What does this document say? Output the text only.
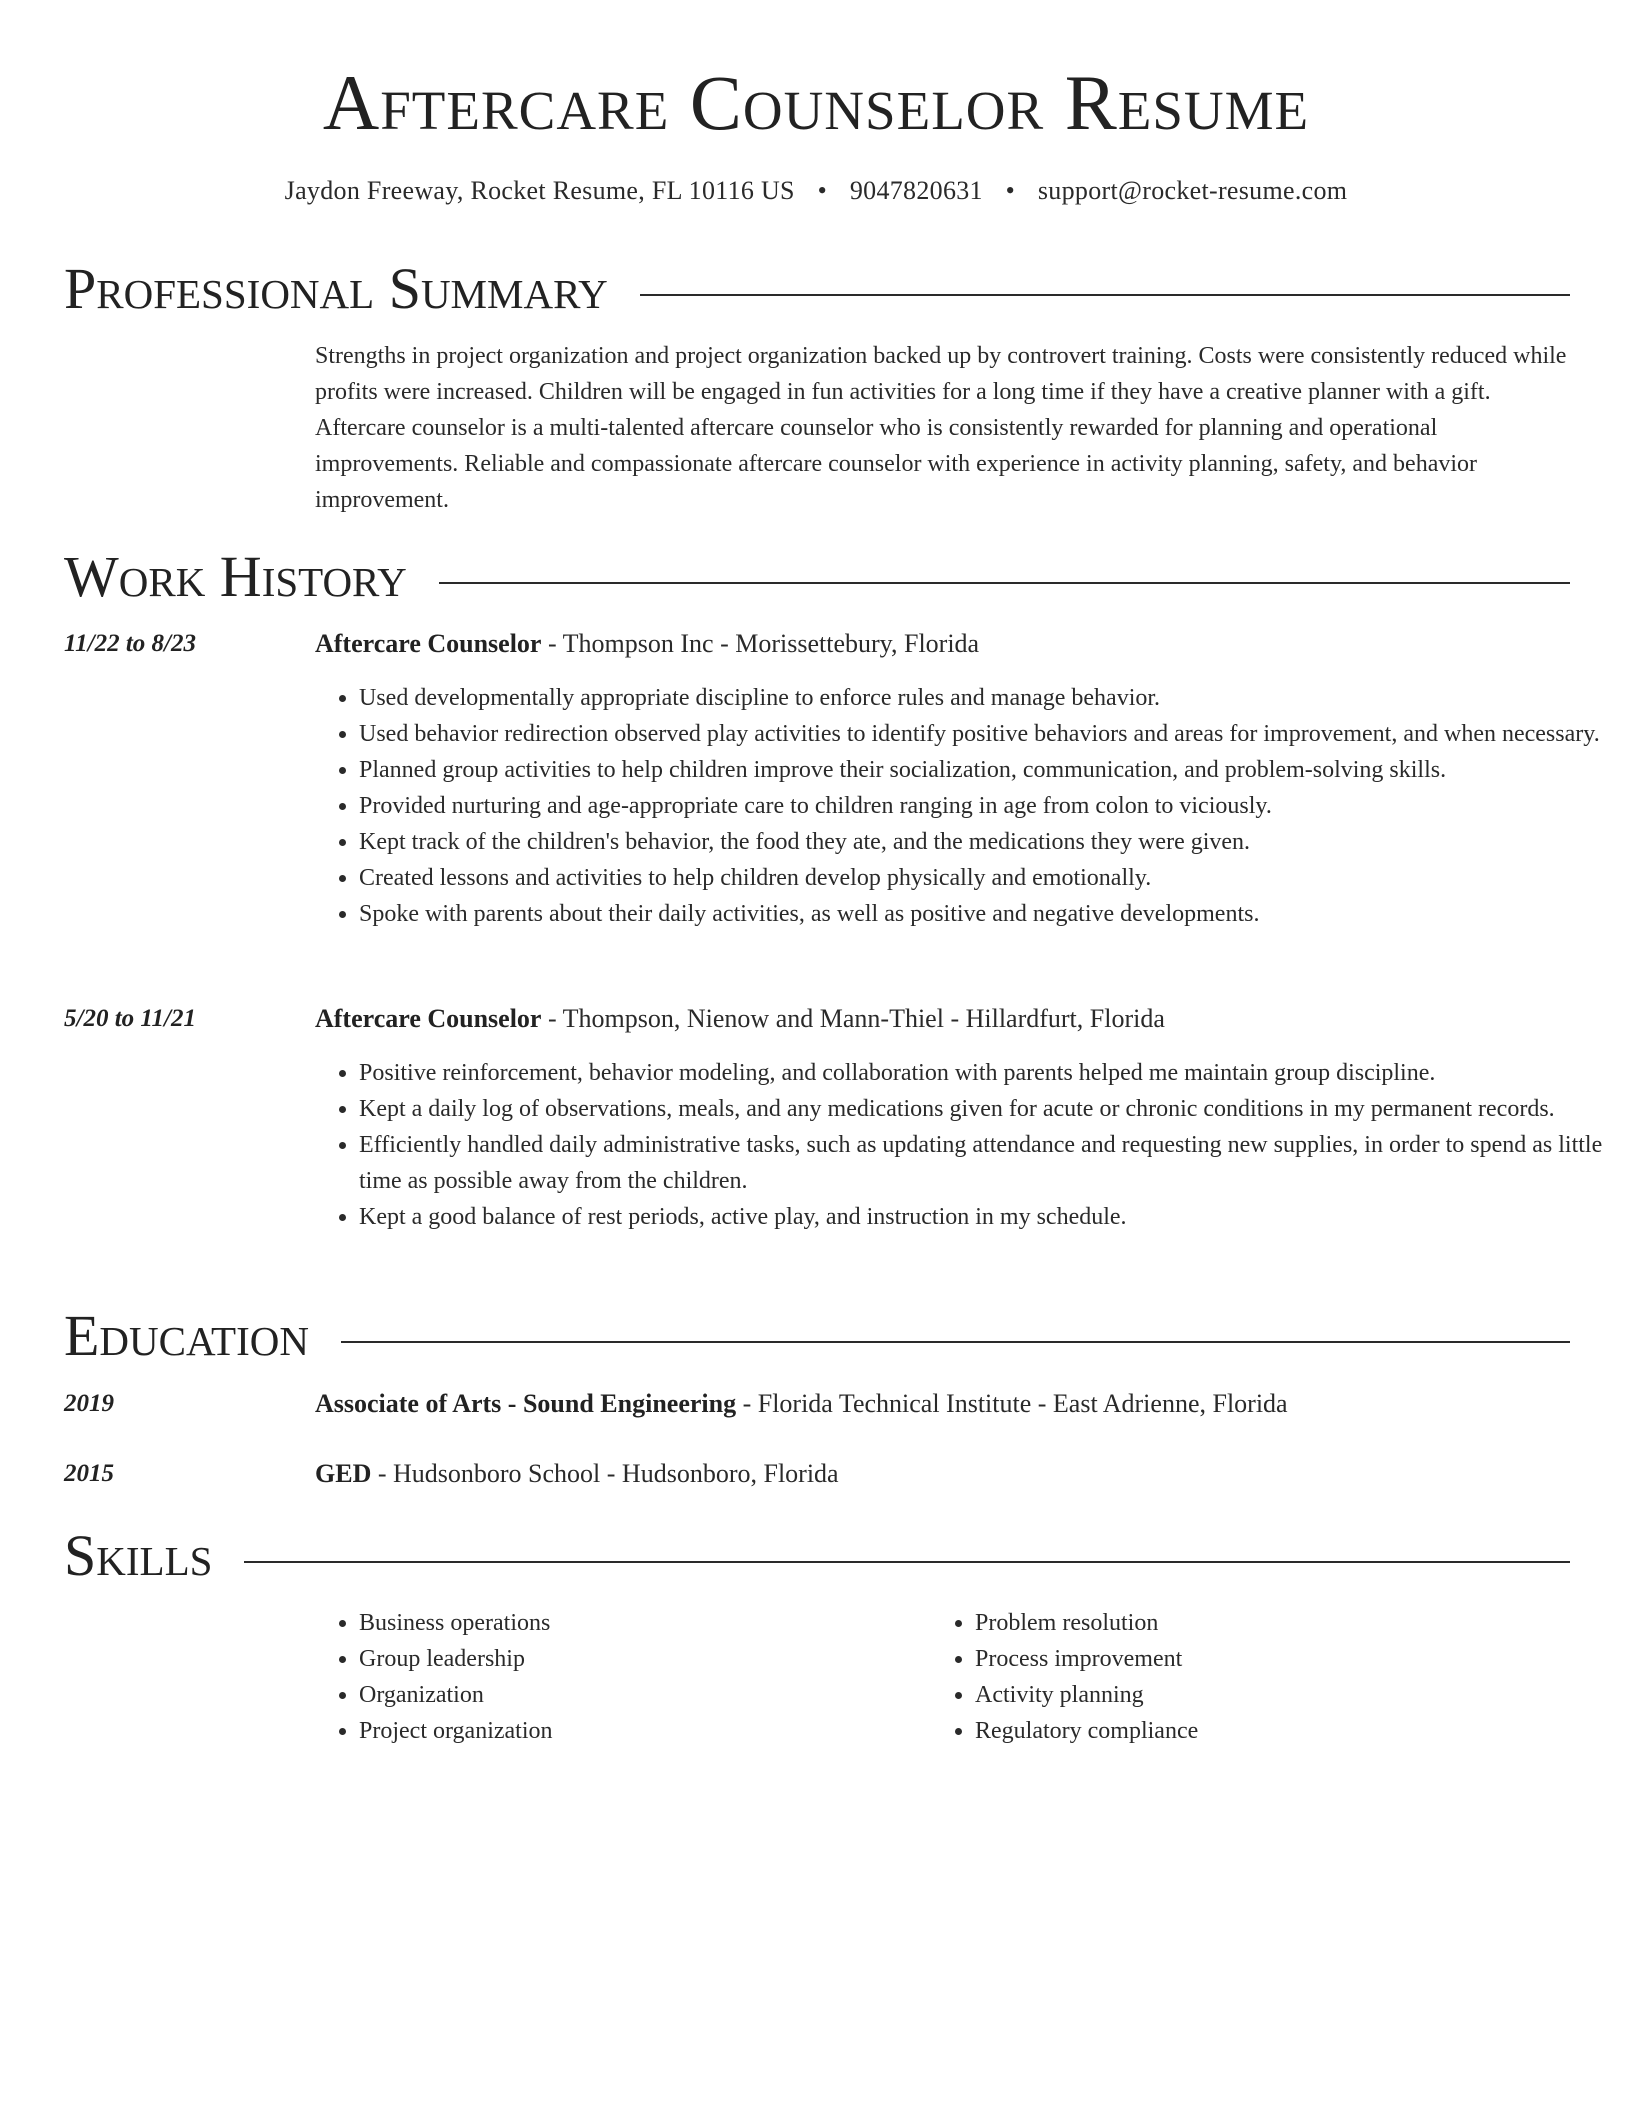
Aftercare Counselor Resume
Jaydon Freeway, Rocket Resume, FL 10116 US • 9047820631 • support@rocket-resume.com
Professional Summary

Strengths in project organization and project organization backed up by controvert training. Costs were consistently reduced while profits were increased. Children will be engaged in fun activities for a long time if they have a creative planner with a gift. Aftercare counselor is a multi-talented aftercare counselor who is consistently rewarded for planning and operational improvements. Reliable and compassionate aftercare counselor with experience in activity planning, safety, and behavior improvement.

Work History
11/22 to 8/23	Aftercare Counselor - Thompson Inc - Morissettebury, Florida
• Used developmentally appropriate discipline to enforce rules and manage behavior.
• Used behavior redirection observed play activities to identify positive behaviors and areas for improvement, and when necessary.
• Planned group activities to help children improve their socialization, communication, and problem-solving skills.
• Provided nurturing and age-appropriate care to children ranging in age from colon to viciously.
• Kept track of the children's behavior, the food they ate, and the medications they were given.
• Created lessons and activities to help children develop physically and emotionally.
• Spoke with parents about their daily activities, as well as positive and negative developments.
5/20 to 11/21	Aftercare Counselor - Thompson, Nienow and Mann-Thiel - Hillardfurt, Florida
• Positive reinforcement, behavior modeling, and collaboration with parents helped me maintain group discipline.
• Kept a daily log of observations, meals, and any medications given for acute or chronic conditions in my permanent records.
• Efficiently handled daily administrative tasks, such as updating attendance and requesting new supplies, in order to spend as little time as possible away from the children.
• Kept a good balance of rest periods, active play, and instruction in my schedule.
Education
2019	Associate of Arts - Sound Engineering - Florida Technical Institute - East Adrienne, Florida
2015	GED - Hudsonboro School - Hudsonboro, Florida
Skills
• Business operations
• Group leadership
• Organization
• Project organization
• Problem resolution
• Process improvement
• Activity planning
• Regulatory compliance
